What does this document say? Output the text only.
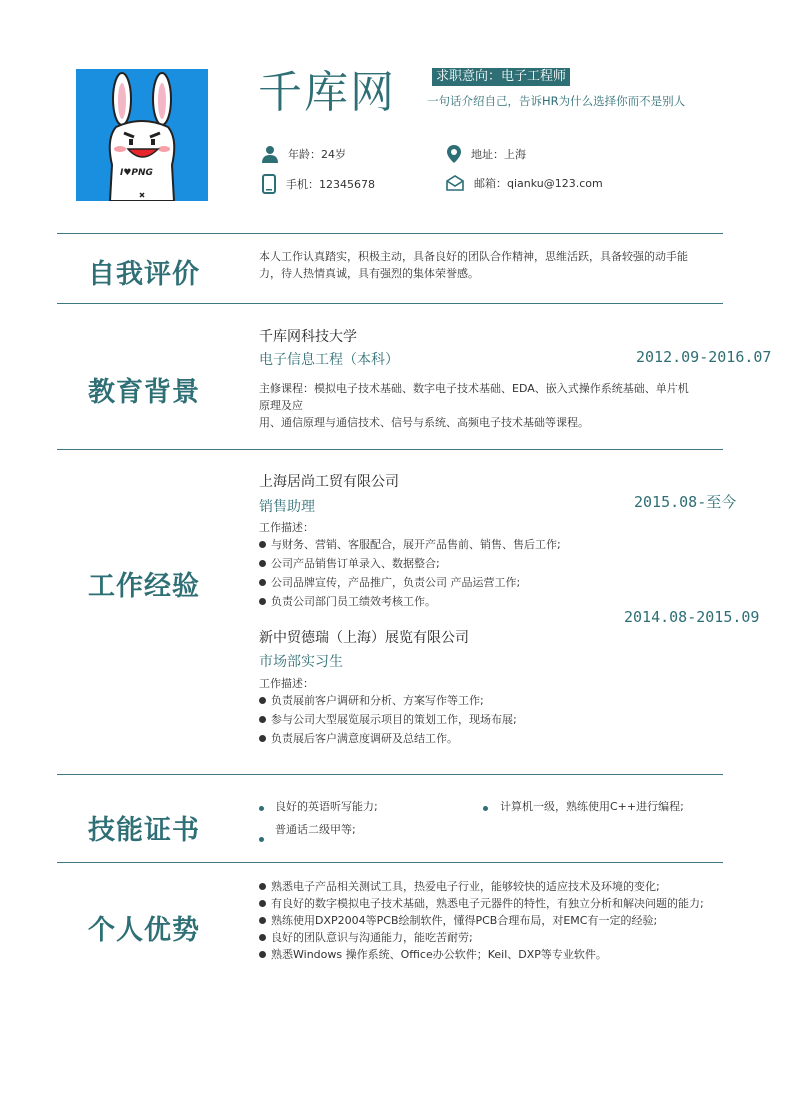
I♥PNG
千库网	求职意向：电子工程师
一句话介绍自己，告诉HR为什么选择你而不是别人
年龄：24岁	地址：上海
手机：12345678	邮箱：qianku@123.com
自我评价
本人工作认真踏实，积极主动，具备良好的团队合作精神，思维活跃，具备较强的动手能
力，待人热情真诚，具有强烈的集体荣誉感。
教育背景
千库网科技大学
电子信息工程（本科）	2012.09-2016.07
主修课程：模拟电子技术基础、数字电子技术基础、EDA、嵌入式操作系统基础、单片机
原理及应
用、通信原理与通信技术、信号与系统、高频电子技术基础等课程。
工作经验
上海居尚工贸有限公司
销售助理	2015.08-至今
工作描述：
与财务、营销、客服配合，展开产品售前、销售、售后工作;
公司产品销售订单录入、数据整合;
公司品牌宣传，产品推广，负责公司 产品运营工作;
负责公司部门员工绩效考核工作。
2014.08-2015.09
新中贸德瑞（上海）展览有限公司
市场部实习生
工作描述：
负责展前客户调研和分析、方案写作等工作;
参与公司大型展览展示项目的策划工作，现场布展;
负责展后客户满意度调研及总结工作。
技能证书
良好的英语听写能力;	计算机一级，熟练使用C++进行编程;
普通话二级甲等;
个人优势
熟悉电子产品相关测试工具，热爱电子行业，能够较快的适应技术及环境的变化;
有良好的数字模拟电子技术基础，熟悉电子元器件的特性，有独立分析和解决问题的能力;
熟练使用DXP2004等PCB绘制软件，懂得PCB合理布局，对EMC有一定的经验;
良好的团队意识与沟通能力，能吃苦耐劳;
熟悉Windows 操作系统、Office办公软件；Keil、DXP等专业软件。
